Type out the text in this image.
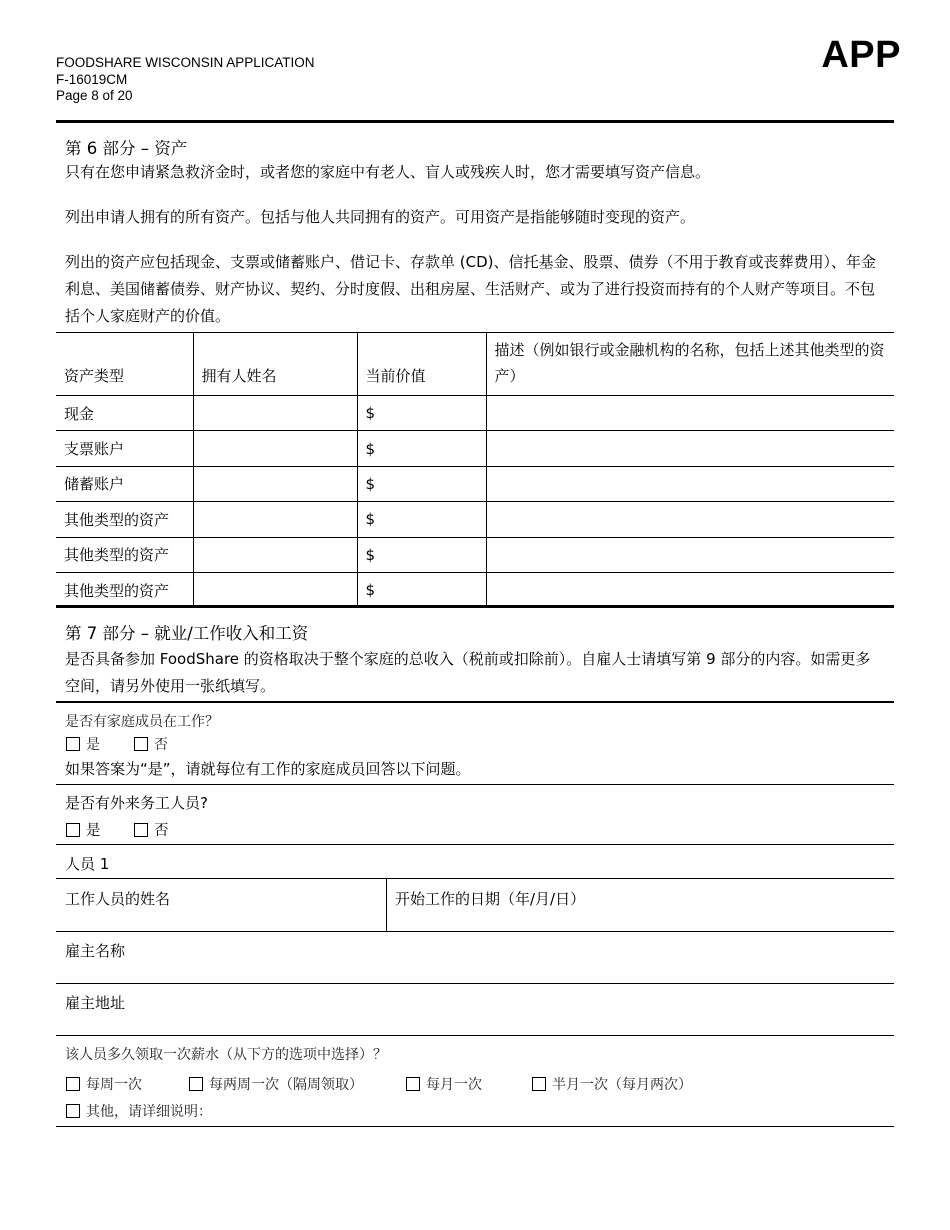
FOODSHARE WISCONSIN APPLICATION
F-16019CM
Page 8 of 20
APP
第 6 部分 – 资产
只有在您申请紧急救济金时，或者您的家庭中有老人、盲人或残疾人时，您才需要填写资产信息。
列出申请人拥有的所有资产。包括与他人共同拥有的资产。可用资产是指能够随时变现的资产。
列出的资产应包括现金、支票或储蓄账户、借记卡、存款单 (CD)、信托基金、股票、债券（不用于教育或丧葬费用）、年金利息、美国储蓄债券、财产协议、契约、分时度假、出租房屋、生活财产、或为了进行投资而持有的个人财产等项目。不包括个人家庭财产的价值。
资产类型	拥有人姓名	当前价值	描述（例如银行或金融机构的名称，包括上述其他类型的资产）
现金		$	
支票账户		$	
储蓄账户		$	
其他类型的资产		$	
其他类型的资产		$	
其他类型的资产		$	
第 7 部分 – 就业/工作收入和工资
是否具备参加 FoodShare 的资格取决于整个家庭的总收入（税前或扣除前）。自雇人士请填写第 9 部分的内容。如需更多空间，请另外使用一张纸填写。
是否有家庭成员在工作？
是	否
如果答案为“是”，请就每位有工作的家庭成员回答以下问题。
是否有外来务工人员?
是	否
人员 1
工作人员的姓名	开始工作的日期（年/月/日）
雇主名称
雇主地址
该人员多久领取一次薪水（从下方的选项中选择）？
每周一次	每两周一次（隔周领取）	每月一次	半月一次（每月两次）
其他，请详细说明：
